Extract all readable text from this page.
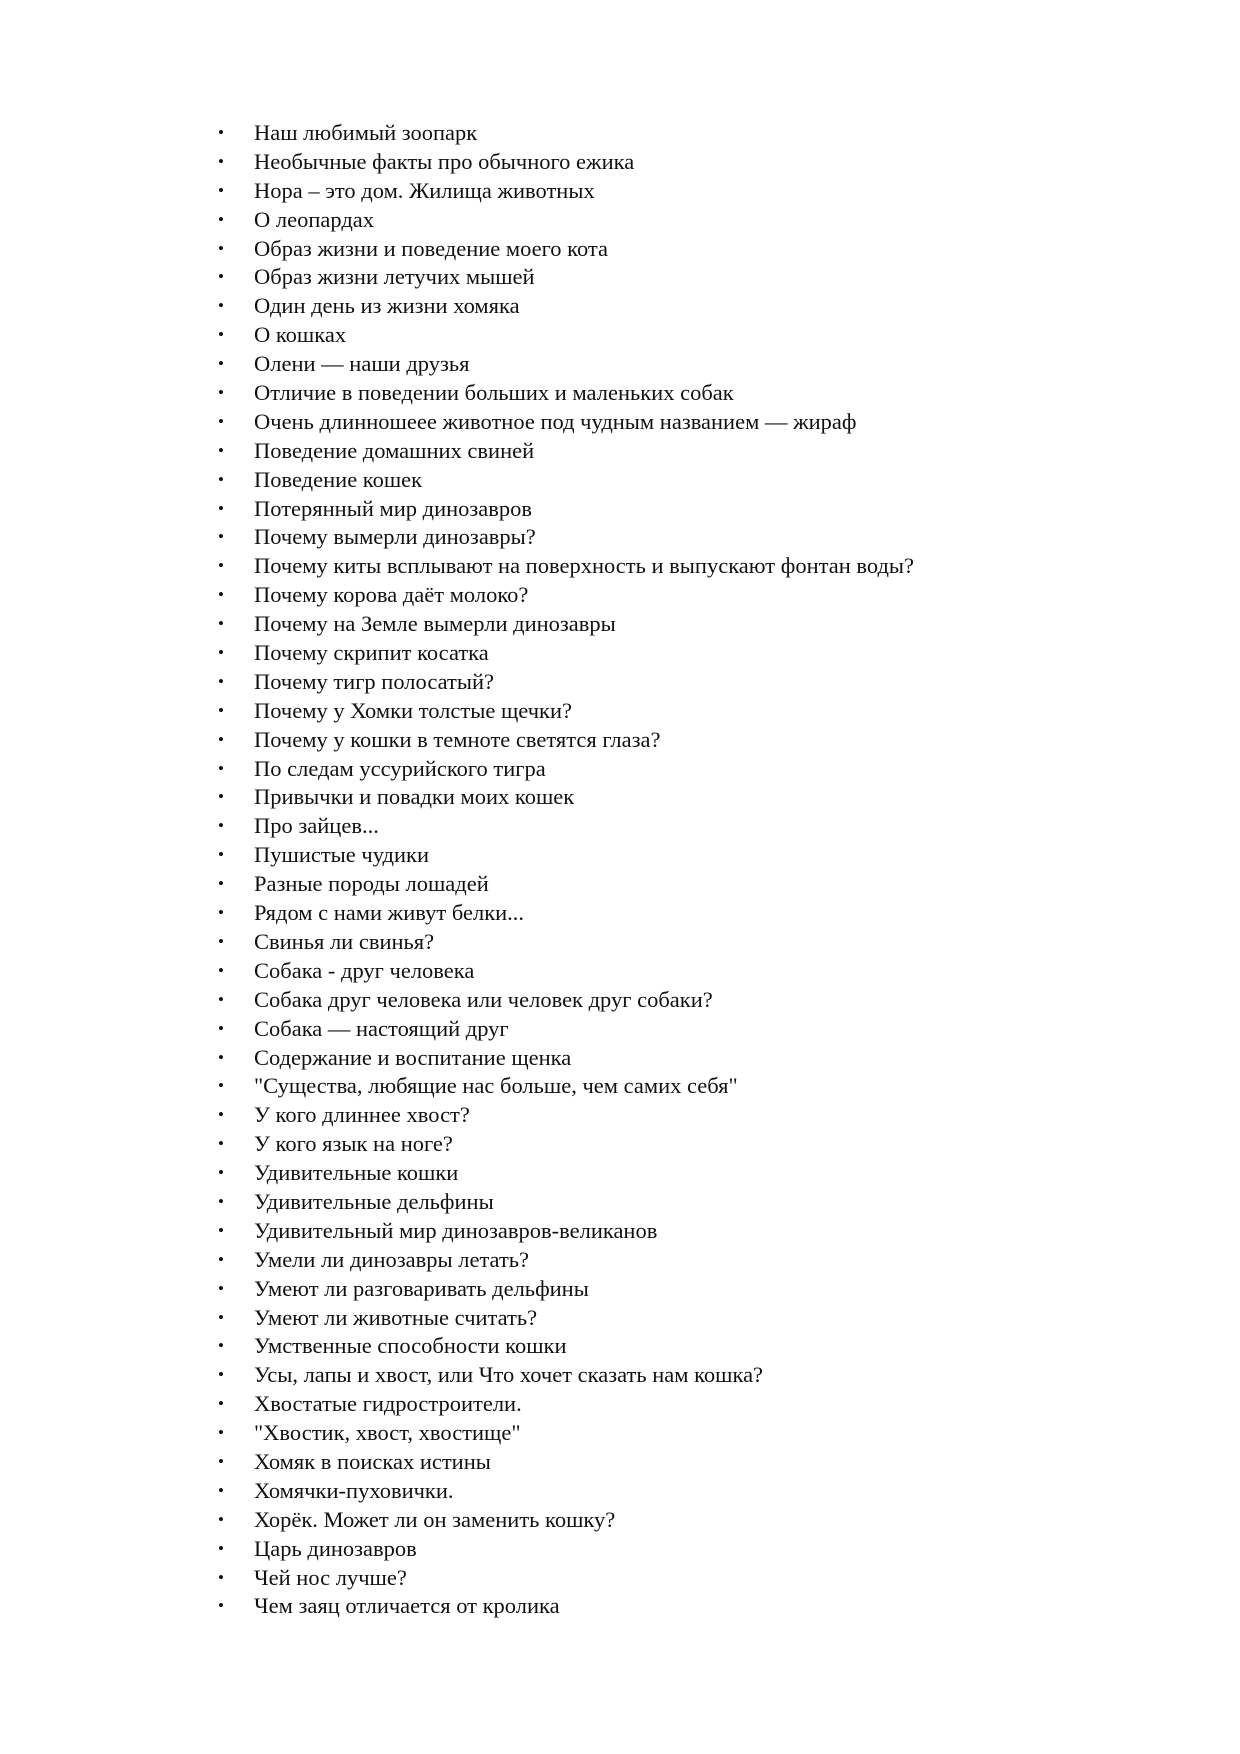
• Наш любимый зоопарк
• Необычные факты про обычного ежика
• Нора – это дом. Жилища животных
• О леопардах
• Образ жизни и поведение моего кота
• Образ жизни летучих мышей
• Один день из жизни хомяка
• О кошках
• Олени — наши друзья
• Отличие в поведении больших и маленьких собак
• Очень длинношеее животное под чудным названием — жираф
• Поведение домашних свиней
• Поведение кошек
• Потерянный мир динозавров
• Почему вымерли динозавры?
• Почему киты всплывают на поверхность и выпускают фонтан воды?
• Почему корова даёт молоко?
• Почему на Земле вымерли динозавры
• Почему скрипит косатка
• Почему тигр полосатый?
• Почему у Хомки толстые щечки?
• Почему у кошки в темноте светятся глаза?
• По следам уссурийского тигра
• Привычки и повадки моих кошек
• Про зайцев...
• Пушистые чудики
• Разные породы лошадей
• Рядом с нами живут белки...
• Свинья ли свинья?
• Собака - друг человека
• Собака друг человека или человек друг собаки?
• Собака — настоящий друг
• Содержание и воспитание щенка
• "Существа, любящие нас больше, чем самих себя"
• У кого длиннее хвост?
• У кого язык на ноге?
• Удивительные кошки
• Удивительные дельфины
• Удивительный мир динозавров-великанов
• Умели ли динозавры летать?
• Умеют ли разговаривать дельфины
• Умеют ли животные считать?
• Умственные способности кошки
• Усы, лапы и хвост, или Что хочет сказать нам кошка?
• Хвостатые гидростроители.
• "Хвостик, хвост, хвостище"
• Хомяк в поисках истины
• Хомячки-пуховички.
• Хорёк. Может ли он заменить кошку?
• Царь динозавров
• Чей нос лучше?
• Чем заяц отличается от кролика
